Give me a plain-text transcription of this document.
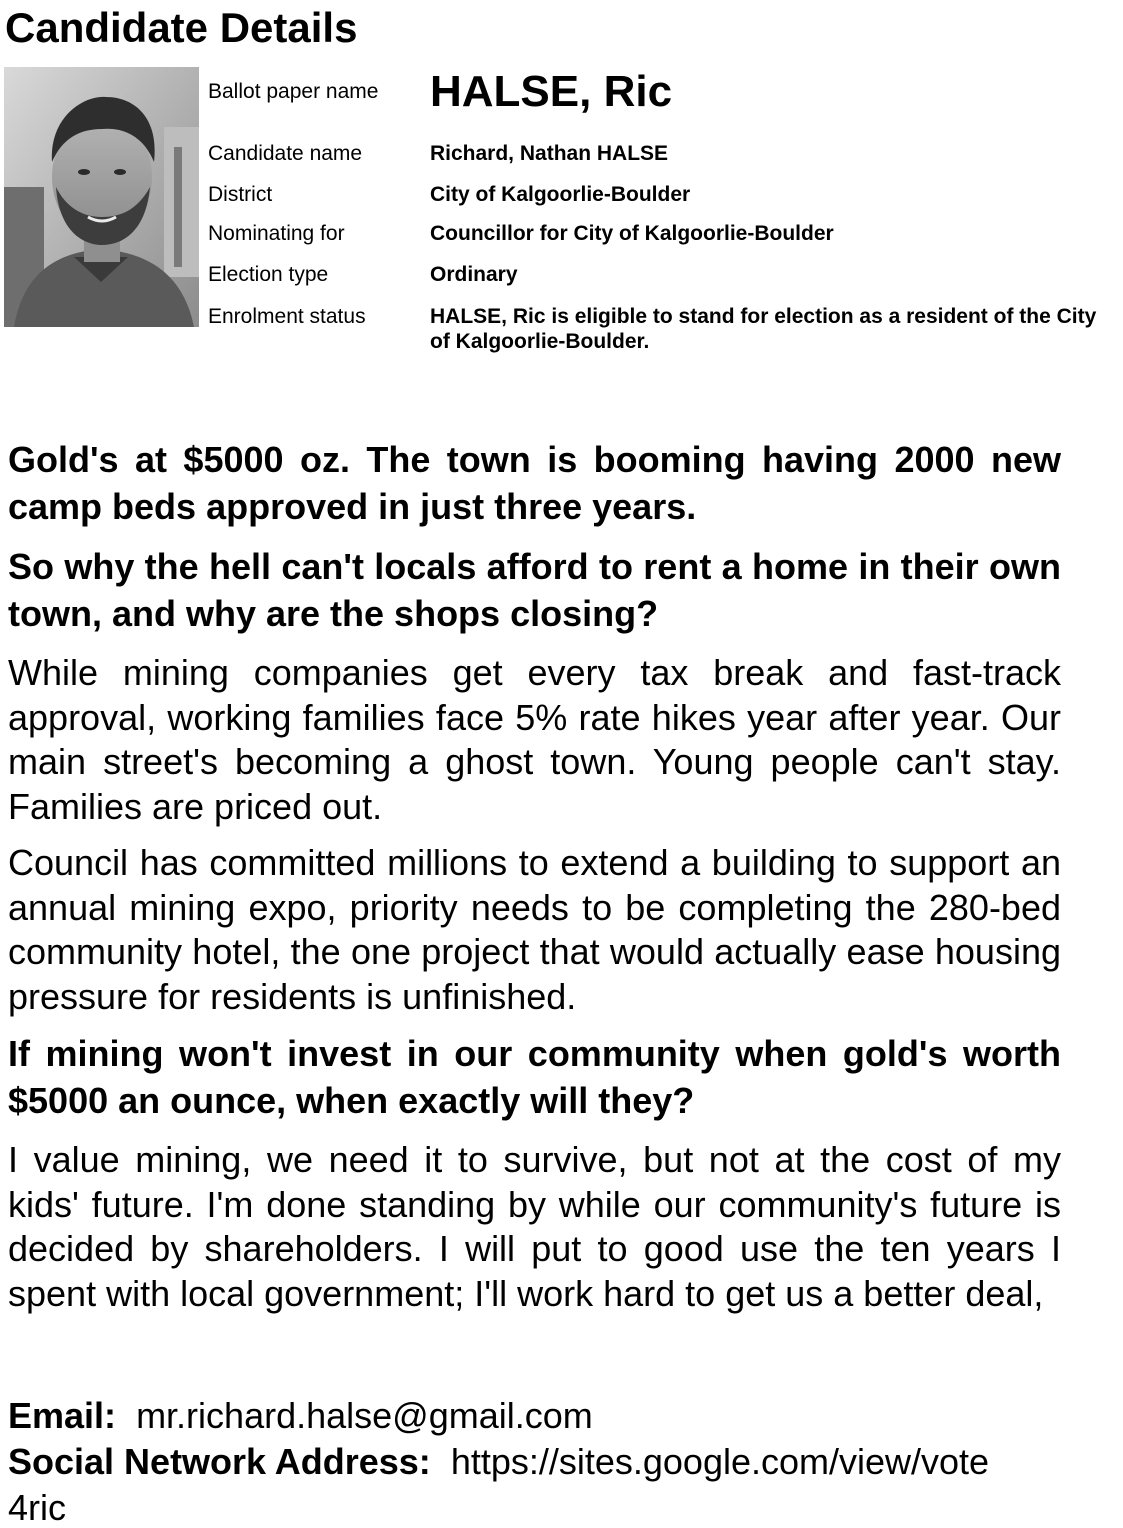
Candidate Details
Ballot paper name	HALSE, Ric
Candidate name	Richard, Nathan HALSE
District	City of Kalgoorlie-Boulder
Nominating for	Councillor for City of Kalgoorlie-Boulder
Election type	Ordinary
Enrolment status	HALSE, Ric is eligible to stand for election as a resident of the City of Kalgoorlie-Boulder.

Gold's at $5000 oz. The town is booming having 2000 new camp beds approved in just three years.

So why the hell can't locals afford to rent a home in their own town, and why are the shops closing?

While mining companies get every tax break and fast-track approval, working families face 5% rate hikes year after year. Our main street's becoming a ghost town. Young people can't stay. Families are priced out.

Council has committed millions to extend a building to support an annual mining expo, priority needs to be completing the 280-bed community hotel, the one project that would actually ease housing pressure for residents is unfinished.

If mining won't invest in our community when gold's worth $5000 an ounce, when exactly will they?

I value mining, we need it to survive, but not at the cost of my kids' future. I'm done standing by while our community's future is decided by shareholders. I will put to good use the ten years I spent with local government; I'll work hard to get us a better deal,

Email: mr.richard.halse@gmail.com
Social Network Address: https://sites.google.com/view/vote4ric
